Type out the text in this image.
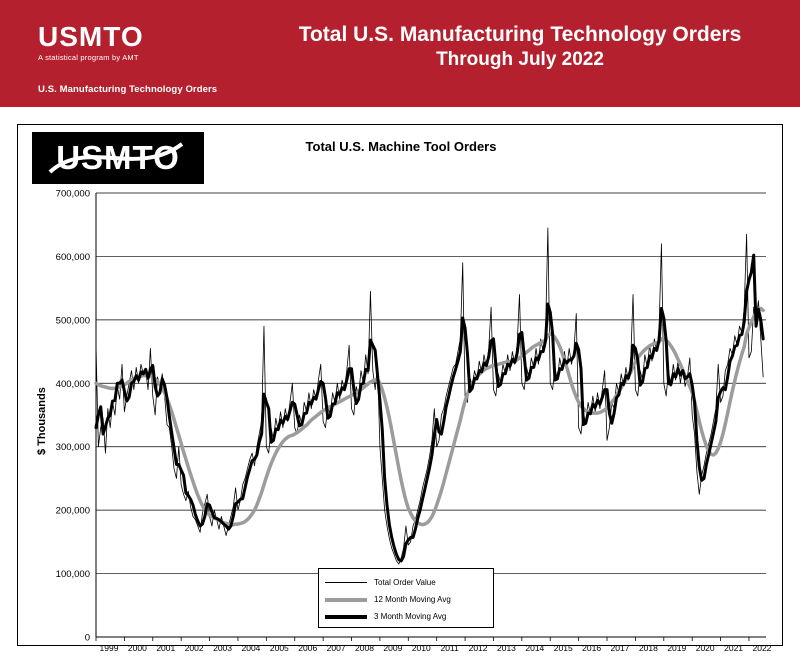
USMTO
A statistical program by AMT
U.S. Manufacturing Technology Orders
Total U.S. Manufacturing Technology Orders
Through July 2022
USMTO	Total U.S. Machine Tool Orders
$ Thousands
0
100,000
200,000
300,000
400,000
500,000
600,000
700,000
1999 2000 2001 2002 2003 2004 2005 2006 2007 2008 2009 2010 2011 2012 2013 2014 2015 2016 2017 2018 2019 2020 2021 2022
Total Order Value
12 Month Moving Avg
3 Month Moving Avg
